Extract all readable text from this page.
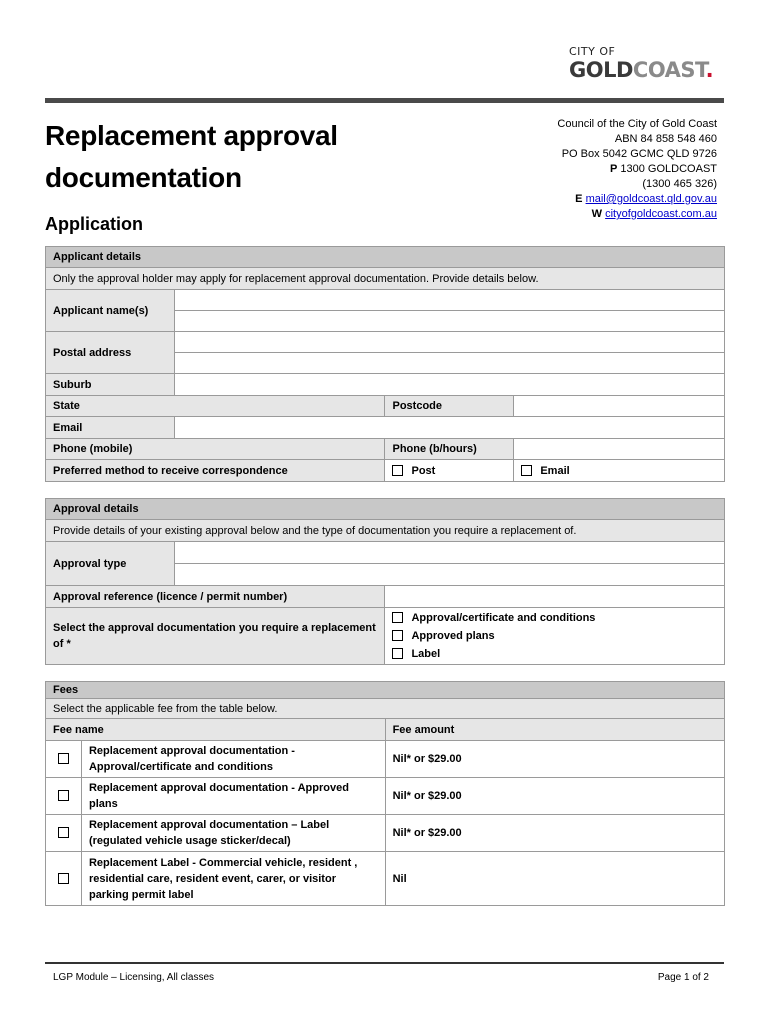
CITY OF
GOLDCOAST.
Replacement approval documentation
Application
Council of the City of Gold Coast
ABN 84 858 548 460
PO Box 5042 GCMC QLD 9726
P 1300 GOLDCOAST
(1300 465 326)
E mail@goldcoast.qld.gov.au
W cityofgoldcoast.com.au
Applicant details			
Only the approval holder may apply for replacement approval documentation. Provide details below.			
Applicant name(s)			

Postal address			

Suburb			
State		Postcode	
Email			
Phone (mobile)		Phone (b/hours)	
Preferred method to receive correspondence		Post	Email
Approval details		
Provide details of your existing approval below and the type of documentation you require a replacement of.		
Approval type		

Approval reference (licence / permit number)		
Select the approval documentation you require a replacement of *		Approval/certificate and conditions
Approved plans
Label
Fees		
Select the applicable fee from the table below.		
Fee name		Fee amount
	Replacement approval documentation - Approval/certificate and conditions	Nil* or $29.00
	Replacement approval documentation - Approved plans	Nil* or $29.00
	Replacement approval documentation – Label (regulated vehicle usage sticker/decal)	Nil* or $29.00
	Replacement Label - Commercial vehicle, resident , residential care, resident event, carer, or visitor parking permit label	Nil
LGP Module – Licensing, All classes	Page 1 of 2
